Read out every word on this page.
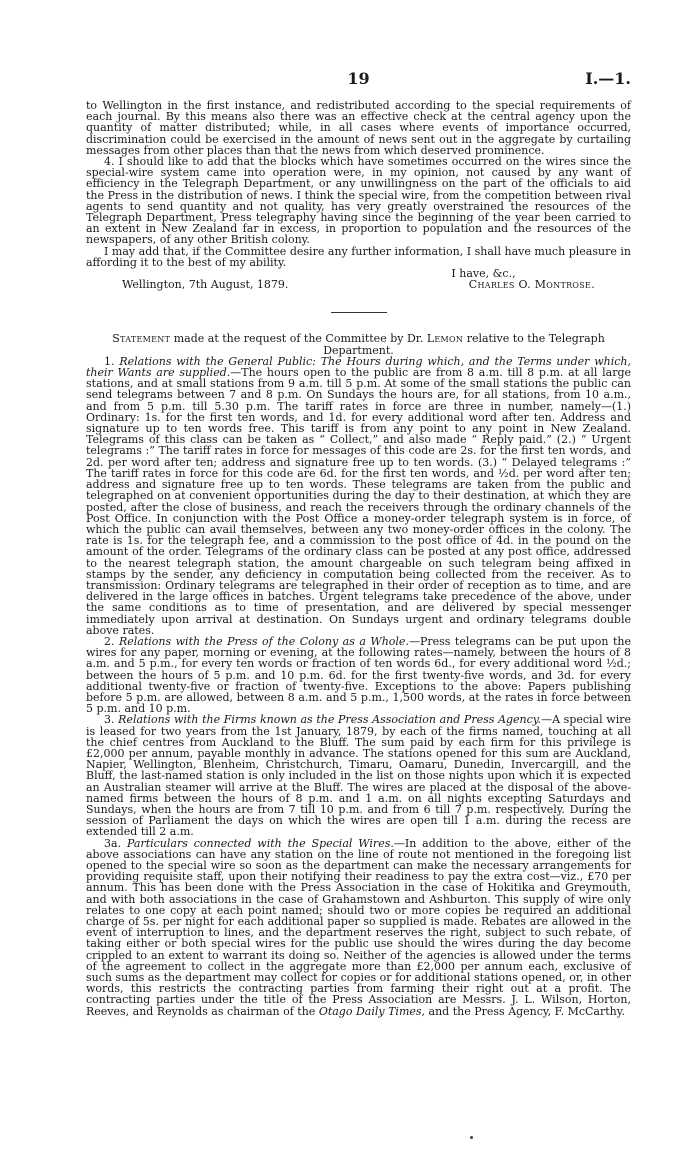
19	I.—1.

to Wellington in the first instance, and redistributed according to the special requirements of each journal. By this means also there was an effective check at the central agency upon the quantity of matter distributed; while, in all cases where events of importance occurred, discrimination could be exercised in the amount of news sent out in the aggregate by curtailing messages from other places than that the news from which deserved prominence.

4. I should like to add that the blocks which have sometimes occurred on the wires since the special-wire system came into operation were, in my opinion, not caused by any want of efficiency in the Telegraph Department, or any unwillingness on the part of the officials to aid the Press in the distribution of news. I think the special wire, from the competition between rival agents to send quantity and not quality, has very greatly overstrained the resources of the Telegraph Department, Press telegraphy having since the beginning of the year been carried to an extent in New Zealand far in excess, in proportion to population and the resources of the newspapers, of any other British colony.

I may add that, if the Committee desire any further information, I shall have much pleasure in affording it to the best of my ability.

I have, &c.,

Wellington, 7th August, 1879.	Charles O. Montrose.

Statement made at the request of the Committee by Dr. Lemon relative to the Telegraph Department.

1. Relations with the General Public: The Hours during which, and the Terms under which, their Wants are supplied.—The hours open to the public are from 8 a.m. till 8 p.m. at all large stations, and at small stations from 9 a.m. till 5 p.m. At some of the small stations the public can send telegrams between 7 and 8 p.m. On Sundays the hours are, for all stations, from 10 a.m., and from 5 p.m. till 5.30 p.m. The tariff rates in force are three in number, namely—(1.) Ordinary: 1s. for the first ten words, and 1d. for every additional word after ten. Address and signature up to ten words free. This tariff is from any point to any point in New Zealand. Telegrams of this class can be taken as “ Collect,” and also made “ Reply paid.” (2.) “ Urgent telegrams :” The tariff rates in force for messages of this code are 2s. for the first ten words, and 2d. per word after ten; address and signature free up to ten words. (3.) “ Delayed telegrams :” The tariff rates in force for this code are 6d. for the first ten words, and ½d. per word after ten; address and signature free up to ten words. These telegrams are taken from the public and telegraphed on at convenient opportunities during the day to their destination, at which they are posted, after the close of business, and reach the receivers through the ordinary channels of the Post Office. In conjunction with the Post Office a money-order telegraph system is in force, of which the public can avail themselves, between any two money-order offices in the colony. The rate is 1s. for the telegraph fee, and a commission to the post office of 4d. in the pound on the amount of the order. Telegrams of the ordinary class can be posted at any post office, addressed to the nearest telegraph station, the amount chargeable on such telegram being affixed in stamps by the sender, any deficiency in computation being collected from the receiver. As to transmission: Ordinary telegrams are telegraphed in their order of reception as to time, and are delivered in the large offices in batches. Urgent telegrams take precedence of the above, under the same conditions as to time of presentation, and are delivered by special messenger immediately upon arrival at destination. On Sundays urgent and ordinary telegrams double above rates.

2. Relations with the Press of the Colony as a Whole.—Press telegrams can be put upon the wires for any paper, morning or evening, at the following rates—namely, between the hours of 8 a.m. and 5 p.m., for every ten words or fraction of ten words 6d., for every additional word ½d.; between the hours of 5 p.m. and 10 p.m. 6d. for the first twenty-five words, and 3d. for every additional twenty-five or fraction of twenty-five. Exceptions to the above: Papers publishing before 5 p.m. are allowed, between 8 a.m. and 5 p.m., 1,500 words, at the rates in force between 5 p.m. and 10 p.m.

3. Relations with the Firms known as the Press Association and Press Agency.—A special wire is leased for two years from the 1st January, 1879, by each of the firms named, touching at all the chief centres from Auckland to the Bluff. The sum paid by each firm for this privilege is £2,000 per annum, payable monthly in advance. The stations opened for this sum are Auckland, Napier, Wellington, Blenheim, Christchurch, Timaru, Oamaru, Dunedin, Invercargill, and the Bluff, the last-named station is only included in the list on those nights upon which it is expected an Australian steamer will arrive at the Bluff. The wires are placed at the disposal of the above-named firms between the hours of 8 p.m. and 1 a.m. on all nights excepting Saturdays and Sundays, when the hours are from 7 till 10 p.m. and from 6 till 7 p.m. respectively. During the session of Parliament the days on which the wires are open till 1 a.m. during the recess are extended till 2 a.m.

3a. Particulars connected with the Special Wires.—In addition to the above, either of the above associations can have any station on the line of route not mentioned in the foregoing list opened to the special wire so soon as the department can make the necessary arrangements for providing requisite staff, upon their notifying their readiness to pay the extra cost—viz., £70 per annum. This has been done with the Press Association in the case of Hokitika and Greymouth, and with both associations in the case of Grahamstown and Ashburton. This supply of wire only relates to one copy at each point named; should two or more copies be required an additional charge of 5s. per night for each additional paper so supplied is made. Rebates are allowed in the event of interruption to lines, and the department reserves the right, subject to such rebate, of taking either or both special wires for the public use should the wires during the day become crippled to an extent to warrant its doing so. Neither of the agencies is allowed under the terms of the agreement to collect in the aggregate more than £2,000 per annum each, exclusive of such sums as the department may collect for copies or for additional stations opened, or, in other words, this restricts the contracting parties from farming their right out at a profit. The contracting parties under the title of the Press Association are Messrs. J. L. Wilson, Horton, Reeves, and Reynolds as chairman of the Otago Daily Times, and the Press Agency, F. McCarthy.
